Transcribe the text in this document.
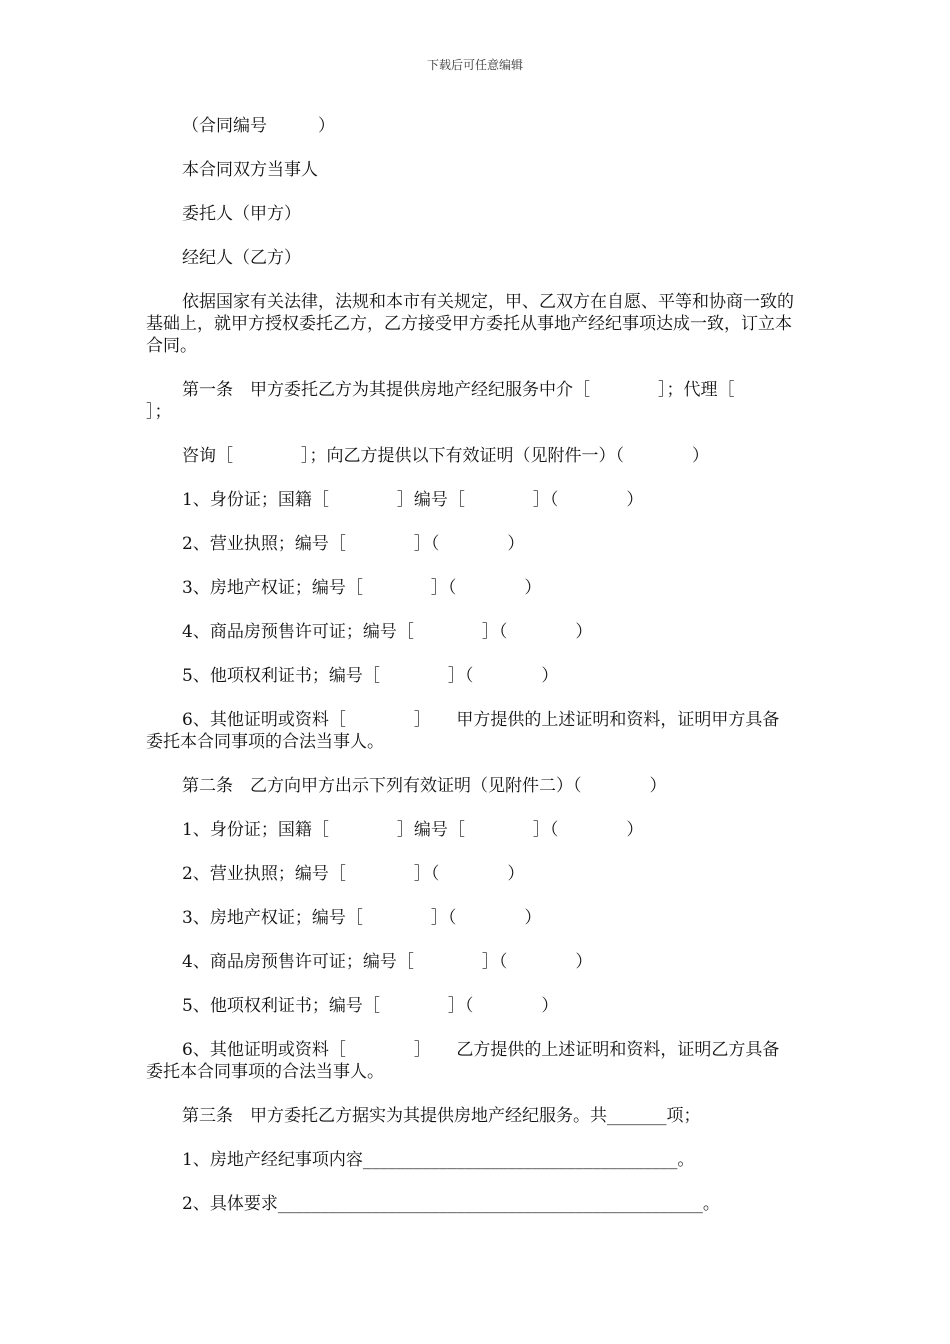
下载后可任意编辑

（合同编号　　　）

本合同双方当事人

委托人（甲方）

经纪人（乙方）

依据国家有关法律，法规和本市有关规定，甲、乙双方在自愿、平等和协商一致的基础上，就甲方授权委托乙方，乙方接受甲方委托从事地产经纪事项达成一致，订立本合同。

第一条　甲方委托乙方为其提供房地产经纪服务中介［　　　　］；代理［　　　　］；

咨询［　　　　］；向乙方提供以下有效证明（见附件一）（　　　　）

1、身份证；国籍［　　　　］编号［　　　　］（　　　　）

2、营业执照；编号［　　　　］（　　　　）

3、房地产权证；编号［　　　　］（　　　　）

4、商品房预售许可证；编号［　　　　］（　　　　）

5、他项权利证书；编号［　　　　］（　　　　）

6、其他证明或资料［　　　　］　　甲方提供的上述证明和资料，证明甲方具备委托本合同事项的合法当事人。

第二条　乙方向甲方出示下列有效证明（见附件二）（　　　　）

1、身份证；国籍［　　　　］编号［　　　　］（　　　　）

2、营业执照；编号［　　　　］（　　　　）

3、房地产权证；编号［　　　　］（　　　　）

4、商品房预售许可证；编号［　　　　］（　　　　）

5、他项权利证书；编号［　　　　］（　　　　）

6、其他证明或资料［　　　　］　　乙方提供的上述证明和资料，证明乙方具备委托本合同事项的合法当事人。

第三条　甲方委托乙方据实为其提供房地产经纪服务。共_______项；

1、房地产经纪事项内容_____________________________________。

2、具体要求__________________________________________________。
